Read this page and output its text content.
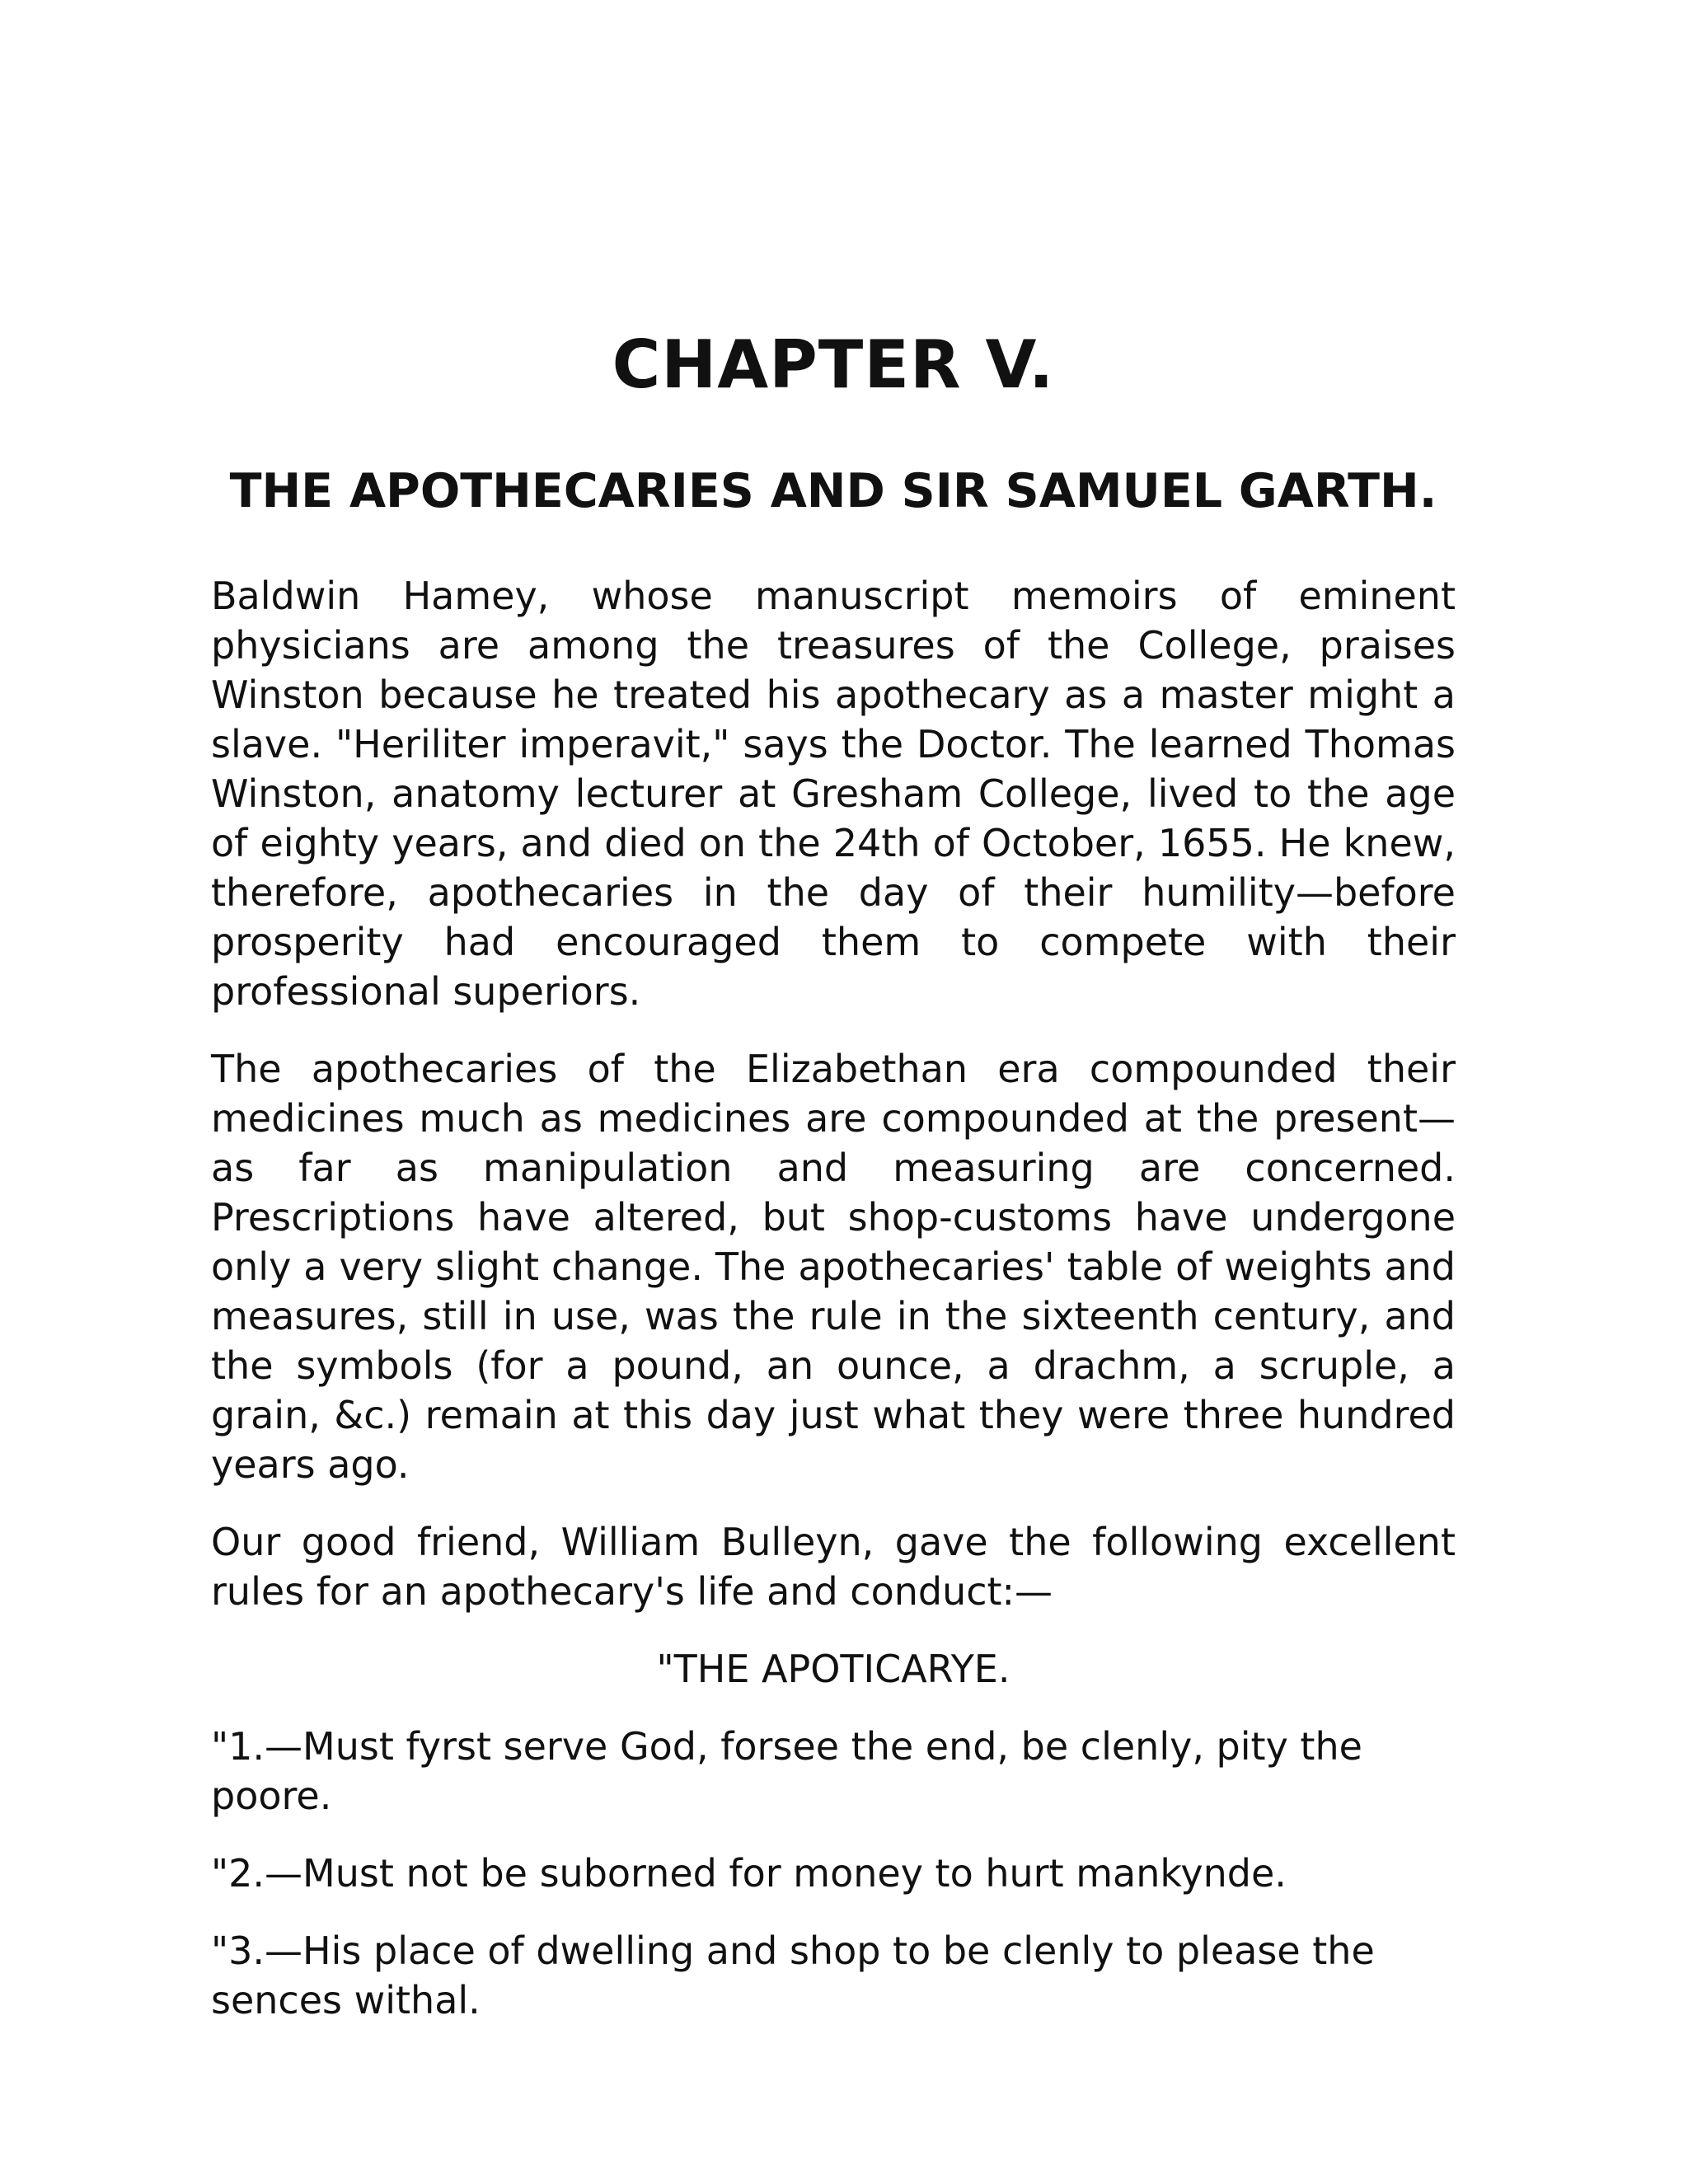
CHAPTER V.
THE APOTHECARIES AND SIR SAMUEL GARTH.

Baldwin Hamey, whose manuscript memoirs of eminent physicians are among the treasures of the College, praises Winston because he treated his apothecary as a master might a slave. "Heriliter imperavit," says the Doctor. The learned Thomas Winston, anatomy lecturer at Gresham College, lived to the age of eighty years, and died on the 24th of October, 1655. He knew, therefore, apothecaries in the day of their humility—before prosperity had encouraged them to compete with their professional superiors.

The apothecaries of the Elizabethan era compounded their medicines much as medicines are compounded at the present—as far as manipulation and measuring are concerned. Prescriptions have altered, but shop-customs have undergone only a very slight change. The apothecaries' table of weights and measures, still in use, was the rule in the sixteenth century, and the symbols (for a pound, an ounce, a drachm, a scruple, a grain, &c.) remain at this day just what they were three hundred years ago.

Our good friend, William Bulleyn, gave the following excellent rules for an apothecary's life and conduct:—

"THE APOTICARYE.

"1.—Must fyrst serve God, forsee the end, be clenly, pity the poore.

"2.—Must not be suborned for money to hurt mankynde.

"3.—His place of dwelling and shop to be clenly to please the sences withal.
